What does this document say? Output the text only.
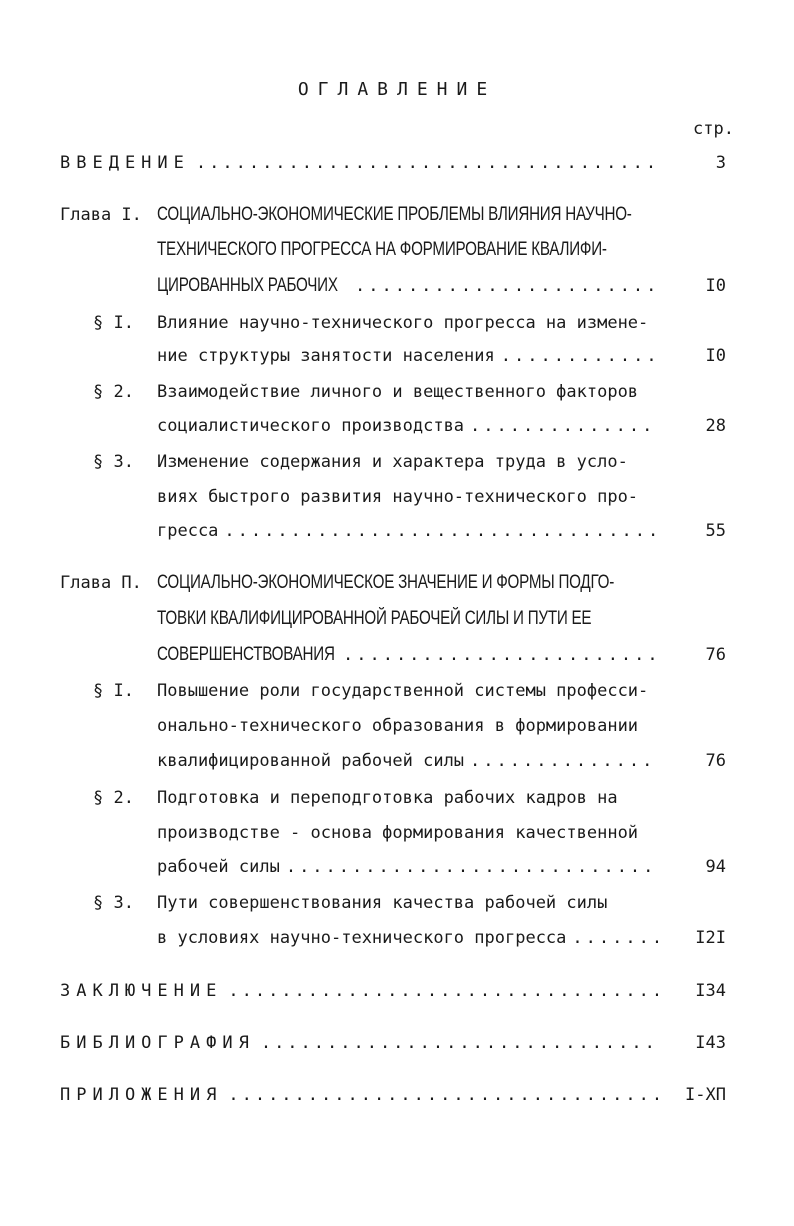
ОГЛАВЛЕНИЕ
стр.
ВВЕДЕНИЕ .....	3
Глава I. СОЦИАЛЬНО-ЭКОНОМИЧЕСКИЕ ПРОБЛЕМЫ ВЛИЯНИЯ НАУЧНО-
ТЕХНИЧЕСКОГО ПРОГРЕССА НА ФОРМИРОВАНИЕ КВАЛИФИ-
ЦИРОВАННЫХ РАБОЧИХ .....	I0
§ I. Влияние научно-технического прогресса на измене-
ние структуры занятости населения .....	I0
§ 2. Взаимодействие личного и вещественного факторов
социалистического производства .....	28
§ 3. Изменение содержания и характера труда в усло-
виях быстрого развития научно-технического про-
гресса .....	55
Глава П. СОЦИАЛЬНО-ЭКОНОМИЧЕСКОЕ ЗНАЧЕНИЕ И ФОРМЫ ПОДГО-
ТОВКИ КВАЛИФИЦИРОВАННОЙ РАБОЧЕЙ СИЛЫ И ПУТИ ЕЕ
СОВЕРШЕНСТВОВАНИЯ .....	76
§ I. Повышение роли государственной системы професси-
онально-технического образования в формировании
квалифицированной рабочей силы .....	76
§ 2. Подготовка и переподготовка рабочих кадров на
производстве - основа формирования качественной
рабочей силы .....	94
§ 3. Пути совершенствования качества рабочей силы
в условиях научно-технического прогресса .....	I2I
ЗАКЛЮЧЕНИЕ .....	I34
БИБЛИОГРАФИЯ .....	I43
ПРИЛОЖЕНИЯ .....	I-XП
